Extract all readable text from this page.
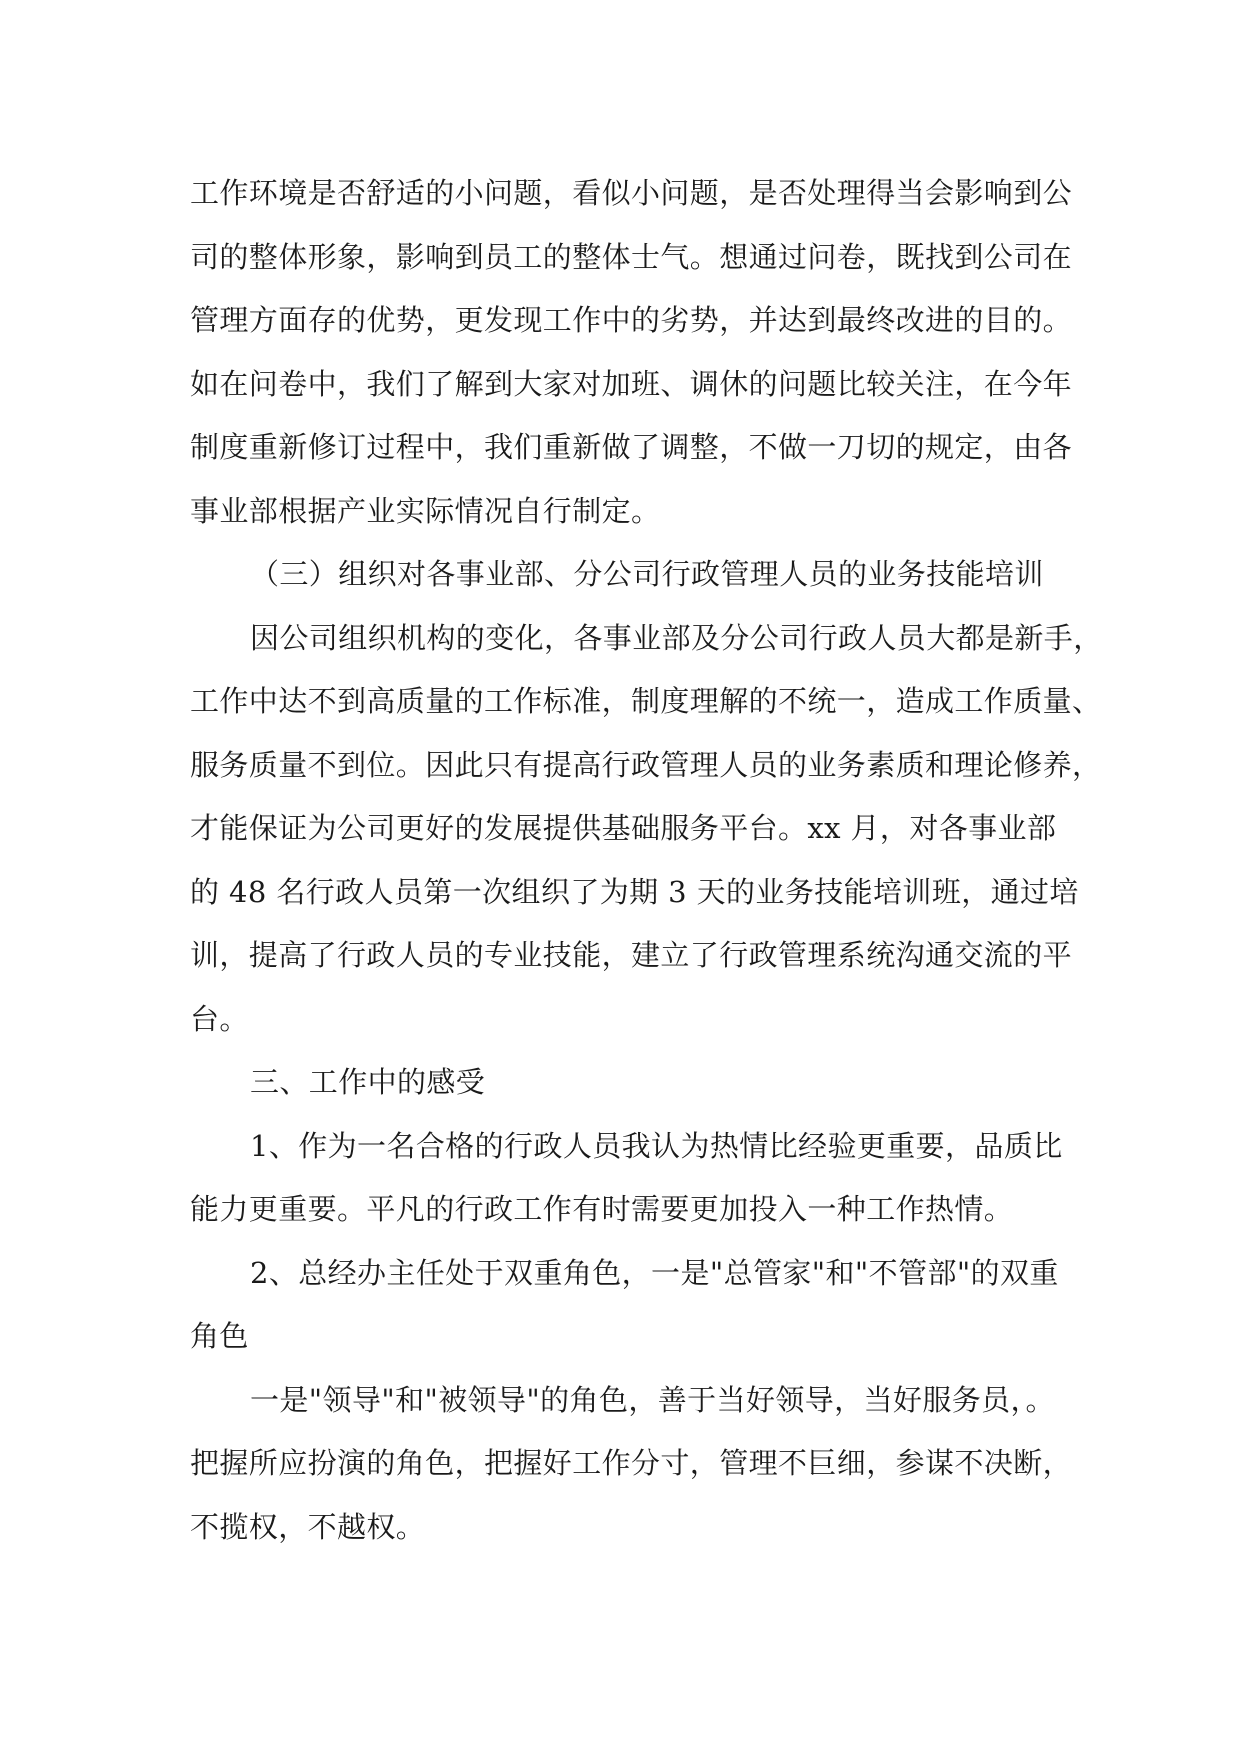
工作环境是否舒适的小问题，看似小问题，是否处理得当会影响到公
司的整体形象，影响到员工的整体士气。想通过问卷，既找到公司在
管理方面存的优势，更发现工作中的劣势，并达到最终改进的目的。
如在问卷中，我们了解到大家对加班、调休的问题比较关注，在今年
制度重新修订过程中，我们重新做了调整，不做一刀切的规定，由各
事业部根据产业实际情况自行制定。
（三）组织对各事业部、分公司行政管理人员的业务技能培训
因公司组织机构的变化，各事业部及分公司行政人员大都是新手，
工作中达不到高质量的工作标准，制度理解的不统一，造成工作质量、
服务质量不到位。因此只有提高行政管理人员的业务素质和理论修养，
才能保证为公司更好的发展提供基础服务平台。xx 月，对各事业部
的 48 名行政人员第一次组织了为期 3 天的业务技能培训班，通过培
训，提高了行政人员的专业技能，建立了行政管理系统沟通交流的平
台。
三、工作中的感受
1、作为一名合格的行政人员我认为热情比经验更重要，品质比
能力更重要。平凡的行政工作有时需要更加投入一种工作热情。
2、总经办主任处于双重角色，一是"总管家"和"不管部"的双重
角色
一是"领导"和"被领导"的角色，善于当好领导，当好服务员，。
把握所应扮演的角色，把握好工作分寸，管理不巨细，参谋不决断，
不揽权，不越权。
